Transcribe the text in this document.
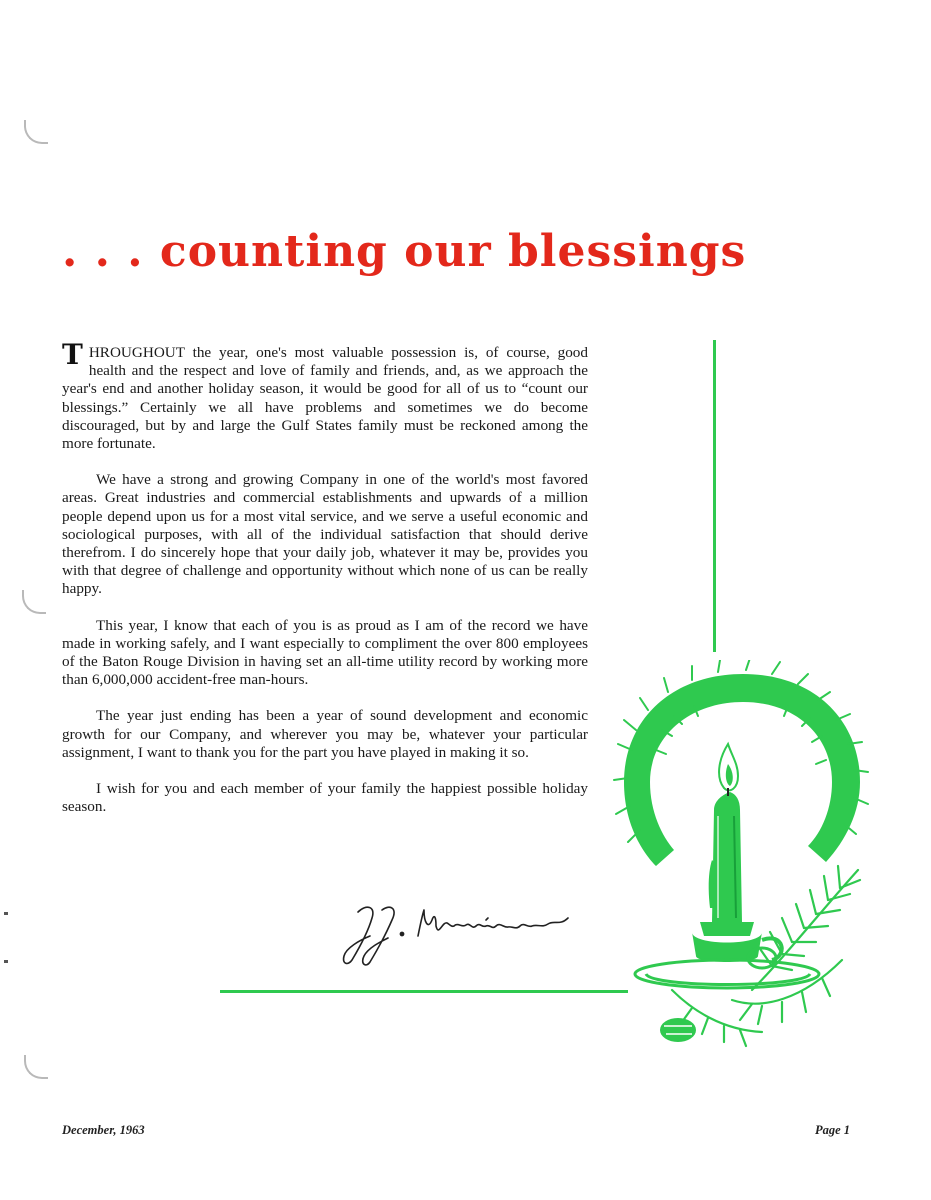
. . . counting our blessings

THROUGHOUT the year, one's most valuable possession is, of course, good health and the respect and love of family and friends, and, as we approach the year's end and another holiday season, it would be good for all of us to “count our blessings.” Certainly we all have problems and sometimes we do become discouraged, but by and large the Gulf States family must be reckoned among the more fortunate.

We have a strong and growing Company in one of the world's most favored areas. Great industries and commercial establishments and upwards of a million people depend upon us for a most vital service, and we serve a useful economic and sociological purposes, with all of the individual satisfaction that should derive therefrom. I do sincerely hope that your daily job, whatever it may be, provides you with that degree of challenge and opportunity without which none of us can be really happy.

This year, I know that each of you is as proud as I am of the record we have made in working safely, and I want especially to compliment the over 800 employees of the Baton Rouge Division in having set an all-time utility record by working more than 6,000,000 accident-free man-hours.

The year just ending has been a year of sound development and economic growth for our Company, and wherever you may be, whatever your particular assignment, I want to thank you for the part you have played in making it so.

I wish for you and each member of your family the happiest possible holiday season.

December, 1963	Page 1
